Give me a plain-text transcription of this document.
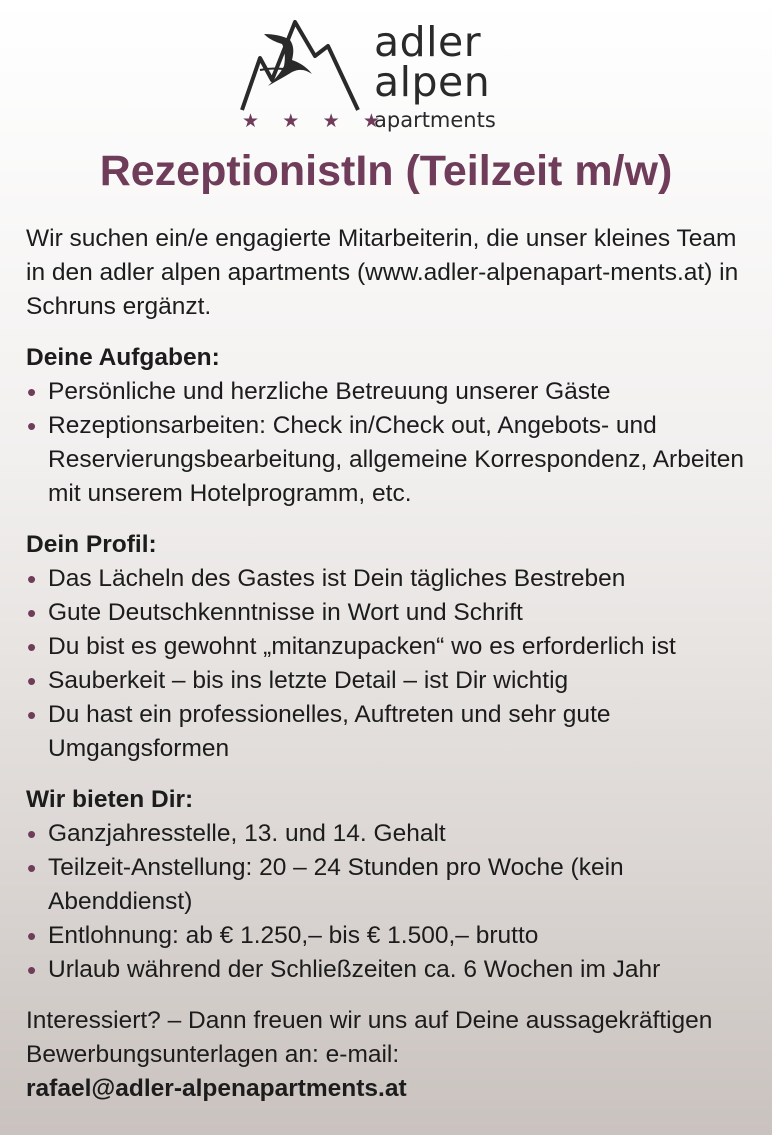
★ ★ ★ ★
adler
alpen
apartments
RezeptionistIn (Teilzeit m/w)

Wir suchen ein/e engagierte Mitarbeiterin, die unser kleines Team in den adler alpen apartments (www.adler-alpenapart-ments.at) in Schruns ergänzt.

Deine Aufgaben:

• Persönliche und herzliche Betreuung unserer Gäste
• Rezeptionsarbeiten: Check in/Check out, Angebots- und Reservierungsbearbeitung, allgemeine Korrespondenz, Arbeiten mit unserem Hotelprogramm, etc.

Dein Profil:

• Das Lächeln des Gastes ist Dein tägliches Bestreben
• Gute Deutschkenntnisse in Wort und Schrift
• Du bist es gewohnt „mitanzupacken“ wo es erforderlich ist
• Sauberkeit – bis ins letzte Detail – ist Dir wichtig
• Du hast ein professionelles, Auftreten und sehr gute Umgangsformen

Wir bieten Dir:

• Ganzjahresstelle, 13. und 14. Gehalt
• Teilzeit-Anstellung: 20 – 24 Stunden pro Woche (kein Abenddienst)
• Entlohnung: ab € 1.250,– bis € 1.500,– brutto
• Urlaub während der Schließzeiten ca. 6 Wochen im Jahr

Interessiert? – Dann freuen wir uns auf Deine aussagekräftigen Bewerbungsunterlagen an: e-mail:

rafael@adler-alpenapartments.at
